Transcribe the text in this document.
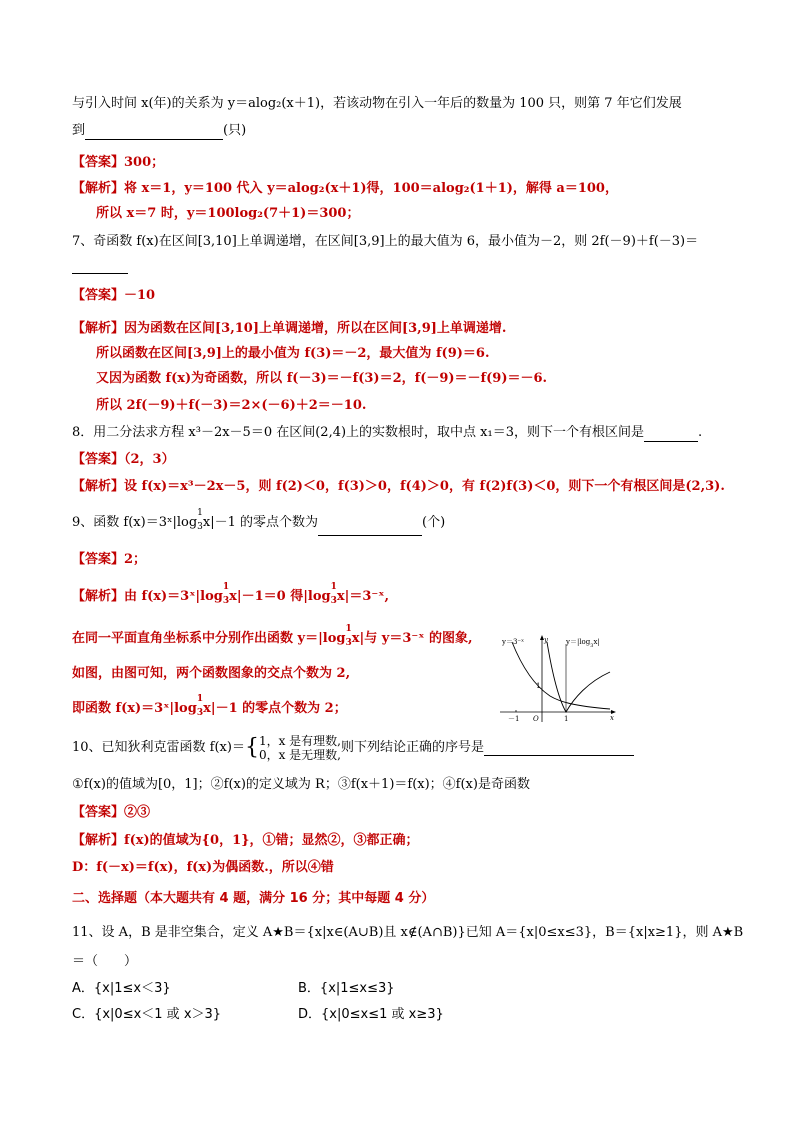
与引入时间 x(年)的关系为 y＝alog₂(x＋1)，若该动物在引入一年后的数量为 100 只，则第 7 年它们发展
到	(只)
【答案】300；
【解析】将 x＝1，y＝100 代入 y＝alog₂(x＋1)得，100＝alog₂(1＋1)，解得 a＝100，
所以 x＝7 时，y＝100log₂(7＋1)＝300；
7、奇函数 f(x)在区间[3,10]上单调递增，在区间[3,9]上的最大值为 6，最小值为－2，则 2f(－9)＋f(－3)＝
【答案】－10
【解析】因为函数在区间[3,10]上单调递增，所以在区间[3,9]上单调递增.
所以函数在区间[3,9]上的最小值为 f(3)＝－2，最大值为 f(9)＝6.
又因为函数 f(x)为奇函数，所以 f(－3)＝－f(3)＝2，f(－9)＝－f(9)＝－6.
所以 2f(－9)＋f(－3)＝2×(－6)＋2＝－10.
8．用二分法求方程 x³－2x－5＝0 在区间(2,4)上的实数根时，取中点 x₁＝3，则下一个有根区间是	.
【答案】（2，3）
【解析】设 f(x)＝x³－2x－5，则 f(2)＜0，f(3)＞0，f(4)＞0，有 f(2)f(3)＜0，则下一个有根区间是(2,3).
9、函数 f(x)＝3ˣ|log
1
$_3$x|－1 的零点个数为	(个)
【答案】2；
【解析】由 f(x)＝3ˣ|log
1
$_3$x|－1＝0 得|log
1
$_3$x|＝3⁻ˣ,
在同一平面直角坐标系中分别作出函数 y＝|log
1
$_3$x|与 y＝3⁻ˣ 的图象,
如图，由图可知，两个函数图象的交点个数为 2,
即函数 f(x)＝3ˣ|log
1
$_3$x|－1 的零点个数为 2；
y＝3⁻ˣ	$y=|\log_3x|$
y
x
－1 O	1
1
10、已知狄利克雷函数 f(x)＝{ 1，x 是有理数,
0，x 是无理数, 则下列结论正确的序号是
①f(x)的值域为[0，1]；②f(x)的定义域为 R；③f(x＋1)＝f(x)；④f(x)是奇函数
【答案】②③
【解析】f(x)的值域为{0，1}，①错；显然②，③都正确；
D：f(－x)＝f(x)，f(x)为偶函数.，所以④错
二、选择题（本大题共有 4 题，满分 16 分；其中每题 4 分）
11、设 A，B 是非空集合，定义 A★B＝{x|x∈(A∪B)且 x∉(A∩B)}已知 A＝{x|0≤x≤3}，B＝{x|x≥1}，则 A★B
＝（　　）
A．{x|1≤x＜3}	B．{x|1≤x≤3}
C．{x|0≤x＜1 或 x＞3}	D．{x|0≤x≤1 或 x≥3}
